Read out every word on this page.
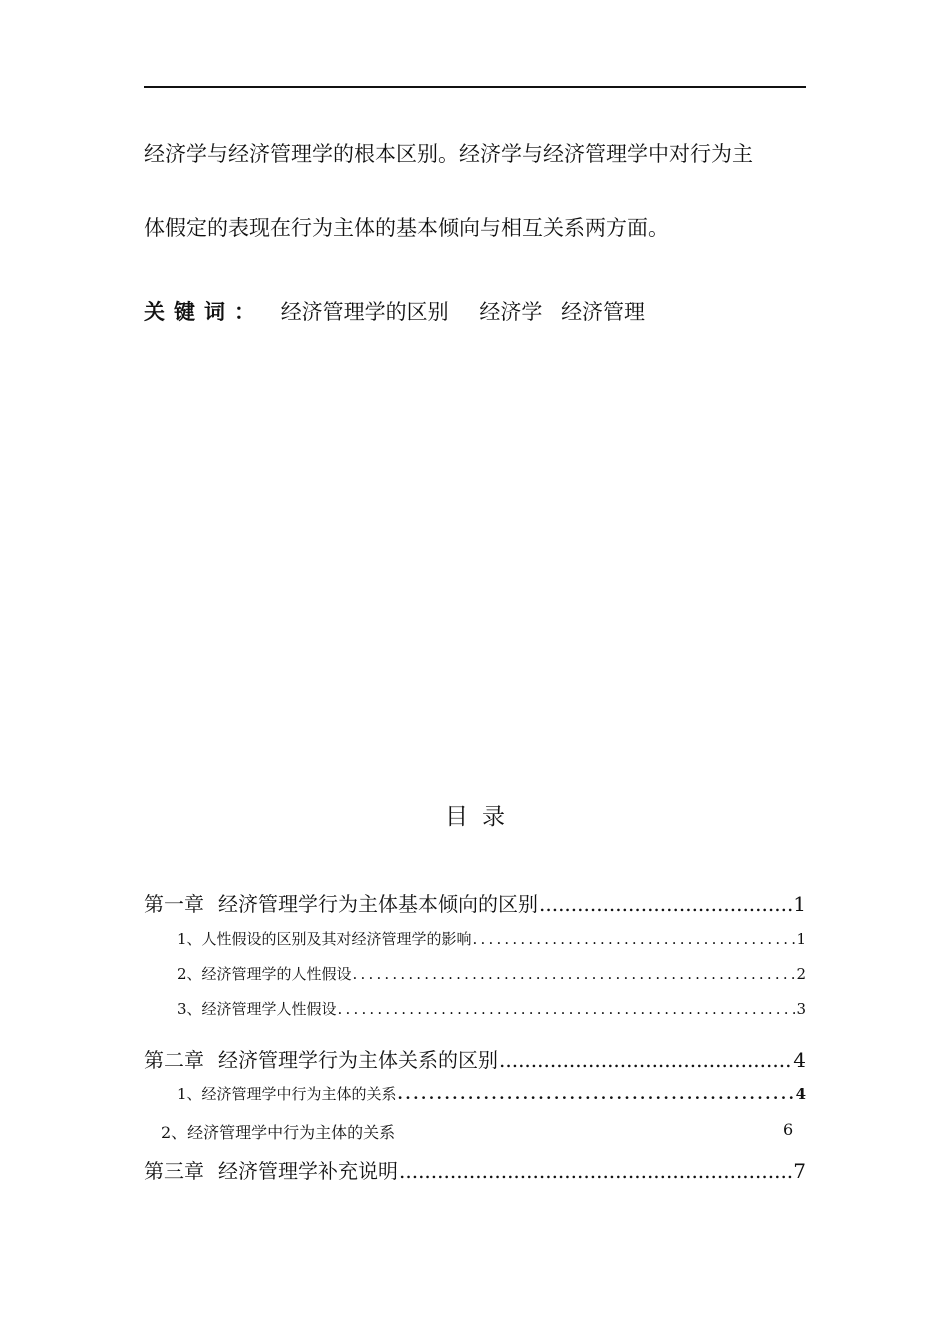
经济学与经济管理学的根本区别。经济学与经济管理学中对行为主
体假定的表现在行为主体的基本倾向与相互关系两方面。
关键词： 经济管理学的区别 经济学 经济管理
目录
第一章 经济管理学行为主体基本倾向的区别 .....	1
1、人性假设的区别及其对经济管理学的影响 .....	1
2、经济管理学的人性假设 .....	2
3、经济管理学人性假设 .....	3
第二章 经济管理学行为主体关系的区别 .....	4
1、经济管理学中行为主体的关系 .....	4
2、经济管理学中行为主体的关系	6
第三章 经济管理学补充说明 .....	7
